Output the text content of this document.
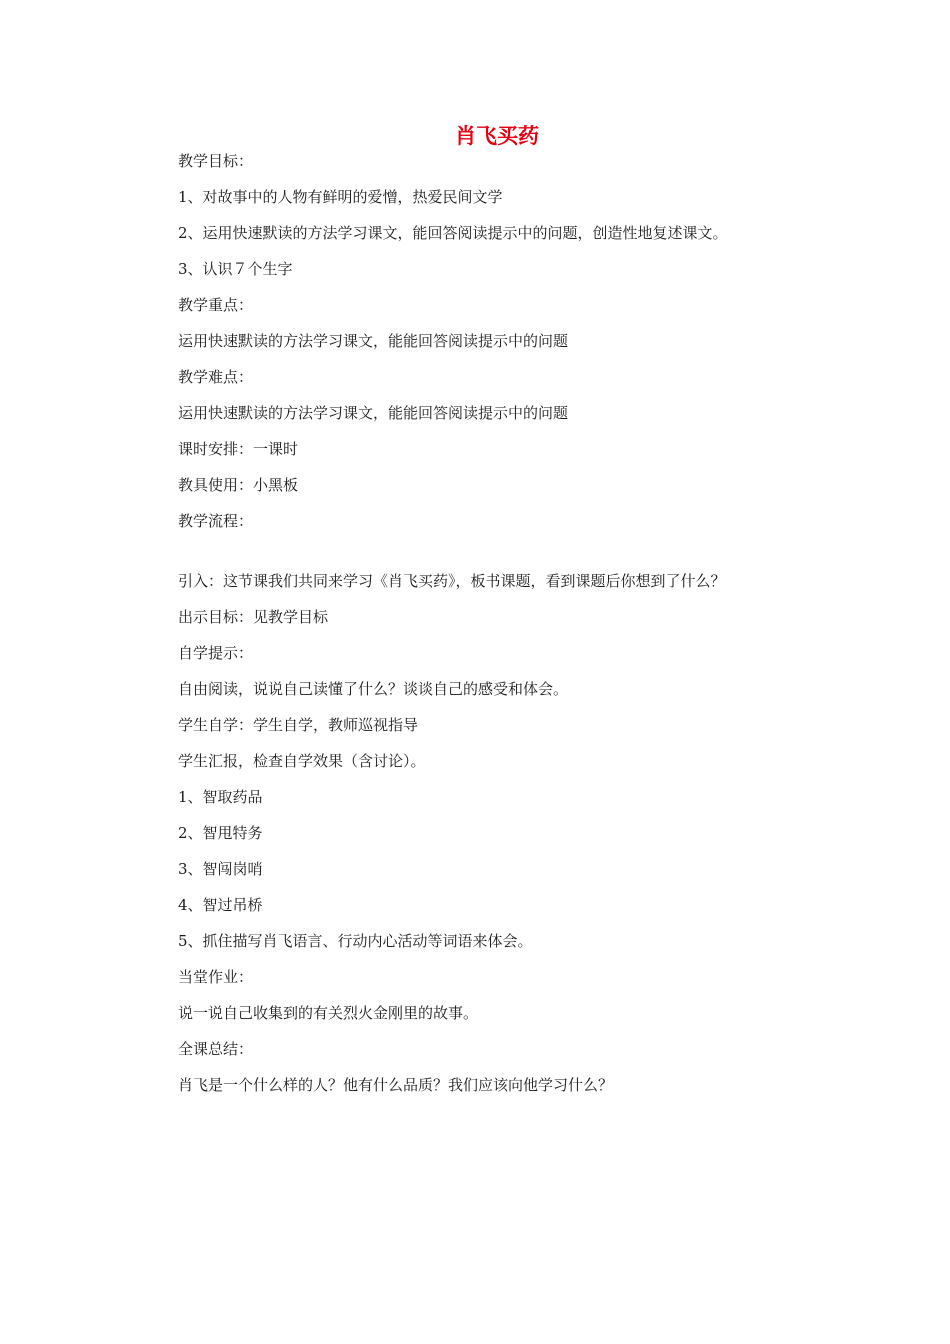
肖飞买药
教学目标：
1、对故事中的人物有鲜明的爱憎，热爱民间文学
2、运用快速默读的方法学习课文，能回答阅读提示中的问题，创造性地复述课文。
3、认识７个生字
教学重点：
运用快速默读的方法学习课文，能能回答阅读提示中的问题
教学难点：
运用快速默读的方法学习课文，能能回答阅读提示中的问题
课时安排：一课时
教具使用：小黑板
教学流程：
引入：这节课我们共同来学习《肖飞买药》，板书课题，看到课题后你想到了什么？
出示目标：见教学目标
自学提示：
自由阅读，说说自己读懂了什么？谈谈自己的感受和体会。
学生自学：学生自学，教师巡视指导
学生汇报，检查自学效果（含讨论）。
1、智取药品
2、智甩特务
3、智闯岗哨
4、智过吊桥
5、抓住描写肖飞语言、行动内心活动等词语来体会。
当堂作业：
说一说自己收集到的有关烈火金刚里的故事。
全课总结：
肖飞是一个什么样的人？他有什么品质？我们应该向他学习什么？
